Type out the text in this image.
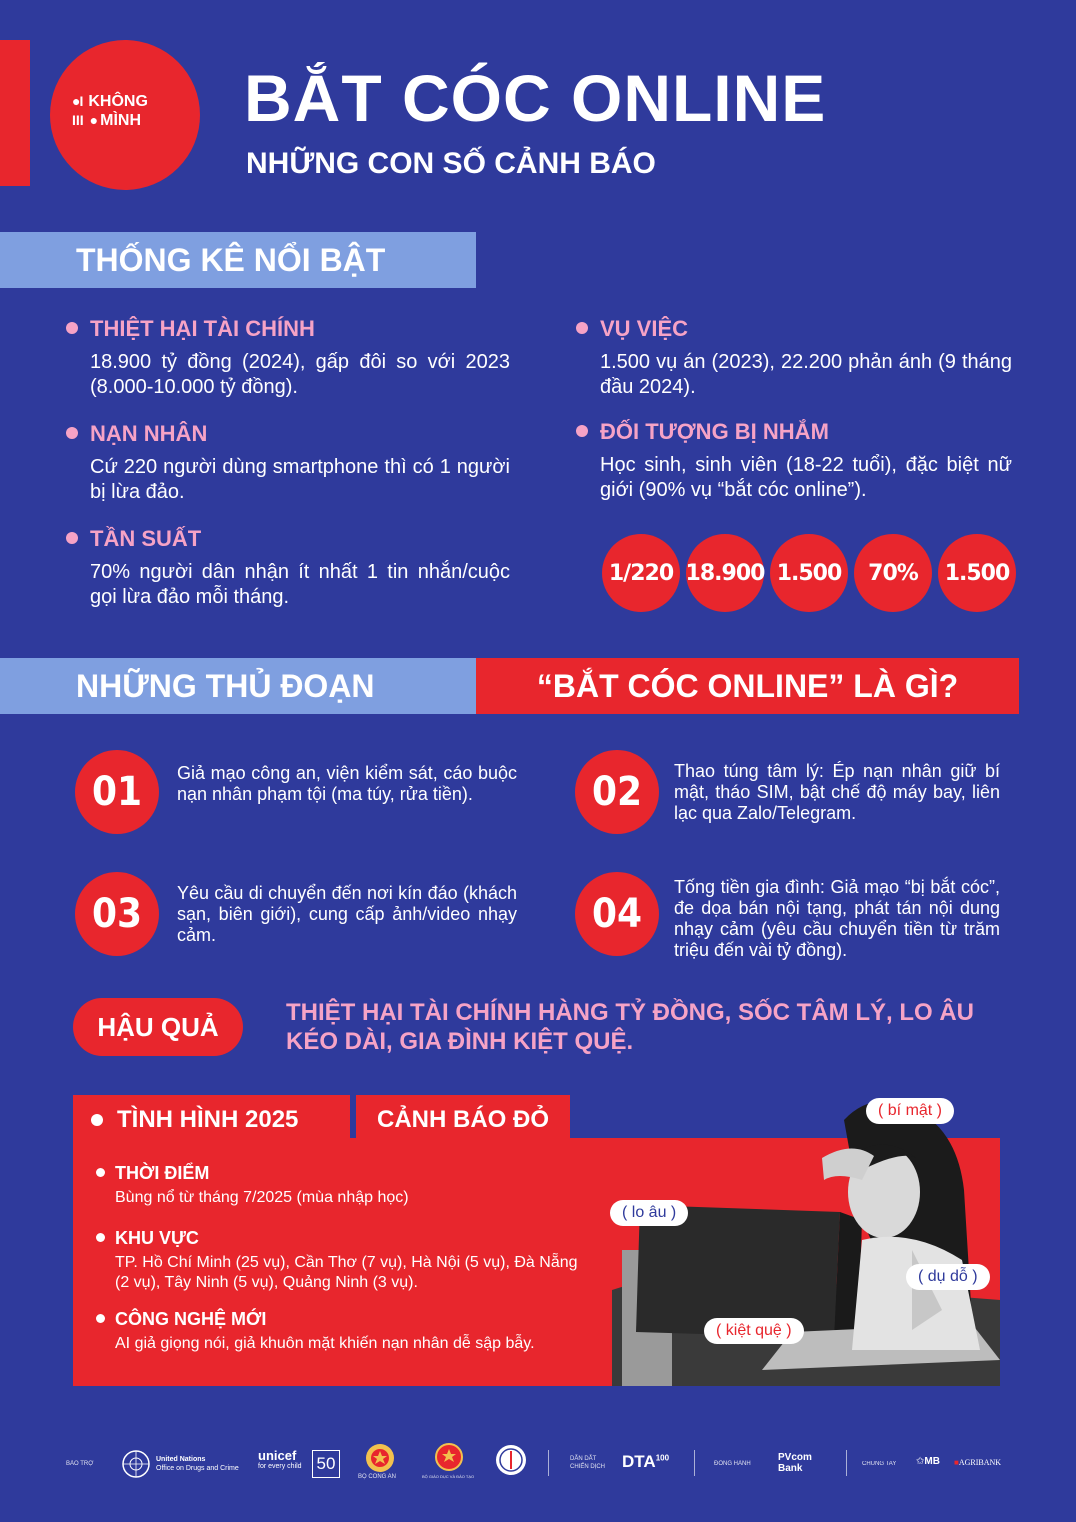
●I KHÔNG
III ● MÌNH BẮT CÓC ONLINE
NHỮNG CON SỐ CẢNH BÁO
THỐNG KÊ NỔI BẬT
THIỆT HẠI TÀI CHÍNH
18.900 tỷ đồng (2024), gấp đôi so với 2023 (8.000-10.000 tỷ đồng).
NẠN NHÂN
Cứ 220 người dùng smartphone thì có 1 người bị lừa đảo.
TẦN SUẤT
70% người dân nhận ít nhất 1 tin nhắn/cuộc gọi lừa đảo mỗi tháng.
VỤ VIỆC
1.500 vụ án (2023), 22.200 phản ánh (9 tháng đầu 2024).
ĐỐI TƯỢNG BỊ NHẮM
Học sinh, sinh viên (18-22 tuổi), đặc biệt nữ giới (90% vụ “bắt cóc online”).
1/220 18.900 1.500	70%	1.500
NHỮNG THỦ ĐOẠN	“BẮT CÓC ONLINE” LÀ GÌ?
01	Giả mạo công an, viện kiểm sát, cáo buộc nạn nhân phạm tội (ma túy, rửa tiền).	02	Thao túng tâm lý: Ép nạn nhân giữ bí mật, tháo SIM, bật chế độ máy bay, liên lạc qua Zalo/Telegram.
03	Yêu cầu di chuyển đến nơi kín đáo (khách sạn, biên giới), cung cấp ảnh/video nhạy cảm.	04
Tống tiền gia đình: Giả mạo “bị bắt cóc”, đe dọa bán nội tạng, phát tán nội dung nhạy cảm (yêu cầu chuyển tiền từ trăm triệu đến vài tỷ đồng).
HẬU QUẢ	THIỆT HẠI TÀI CHÍNH HÀNG TỶ ĐỒNG, SỐC TÂM LÝ, LO ÂU KÉO DÀI, GIA ĐÌNH KIỆT QUỆ.
TÌNH HÌNH 2025	CẢNH BÁO ĐỎ
THỜI ĐIỂM
Bùng nổ từ tháng 7/2025 (mùa nhập học)
KHU VỰC
TP. Hồ Chí Minh (25 vụ), Cần Thơ (7 vụ), Hà Nội (5 vụ), Đà Nẵng (2 vụ), Tây Ninh (5 vụ), Quảng Ninh (3 vụ).
CÔNG NGHỆ MỚI
AI giả giọng nói, giả khuôn mặt khiến nạn nhân dễ sập bẫy.
( bí mật )
( lo âu )
( dụ dỗ )
( kiệt quệ )
BẢO TRỢ
United Nations
Office on Drugs and Crime
unicef
for every child 50
BỘ CÔNG AN	BỘ GIÁO DỤC VÀ ĐÀO TẠO
DẪN DẮT CHIẾN DỊCH DTA$^{100}$
ĐỒNG HÀNH
PVcom Bank	CHUNG TAY ✩MB ■AGRIBANK
